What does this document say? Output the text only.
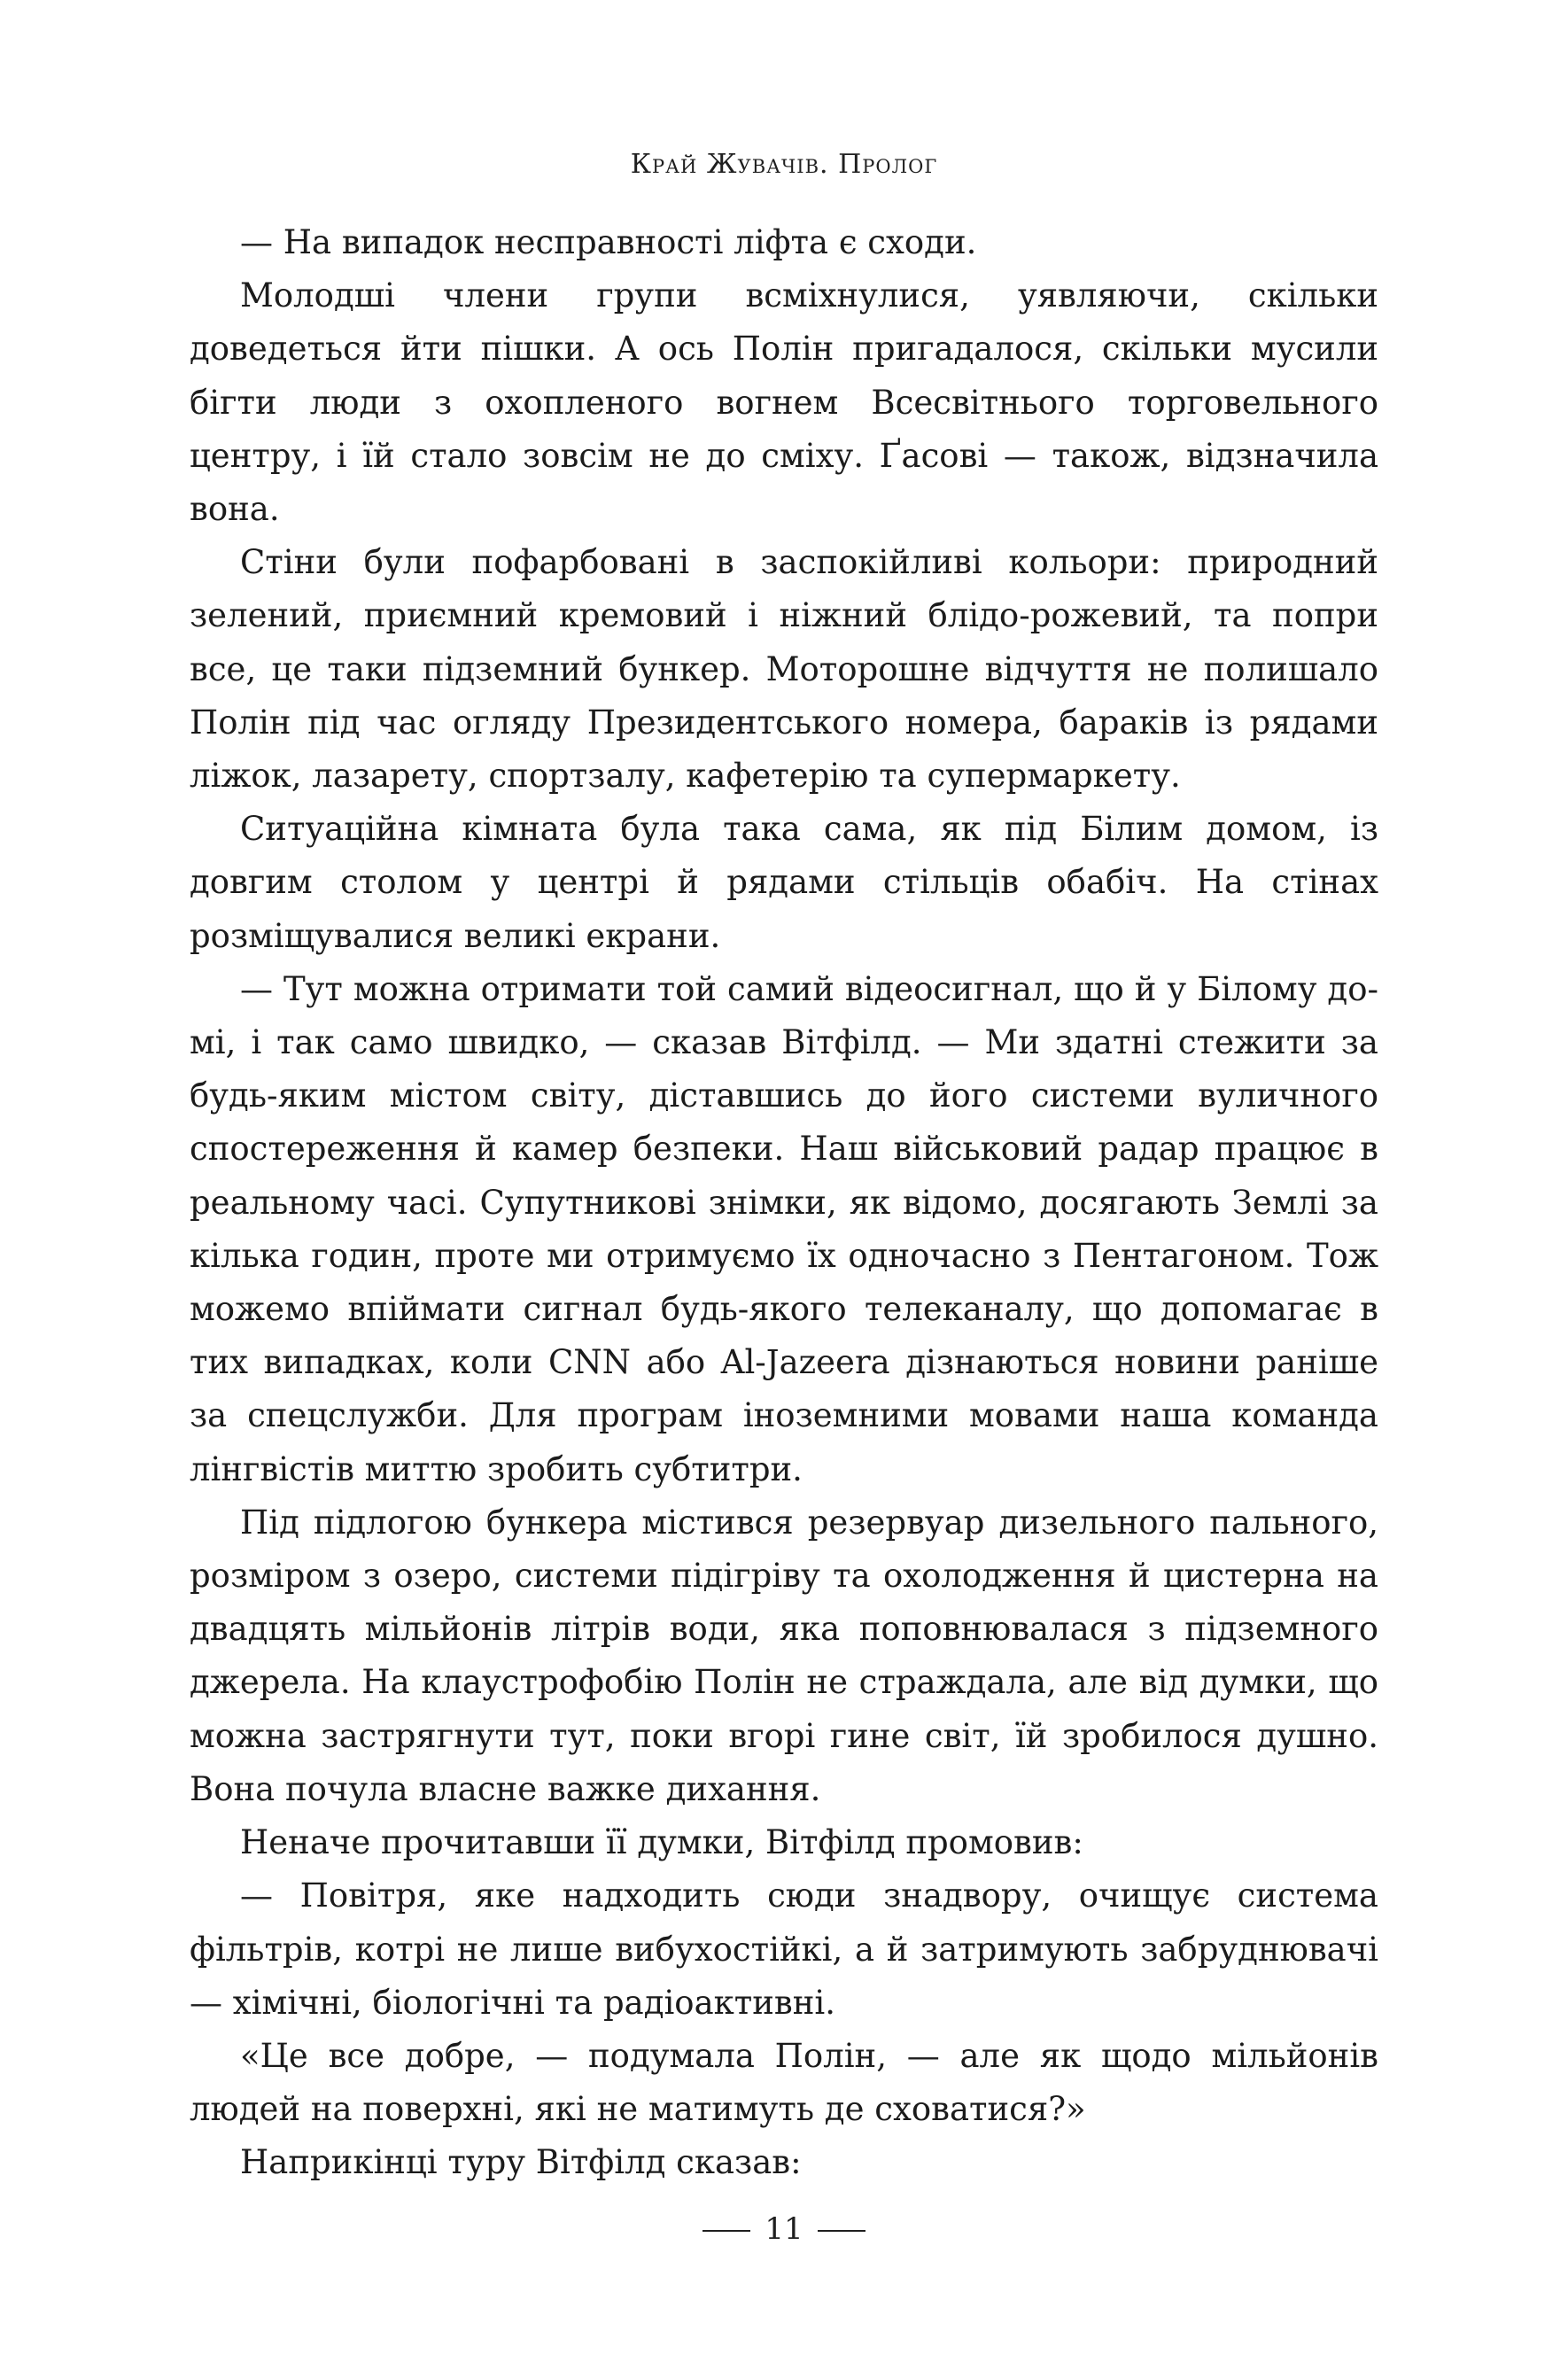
Край Жувачів. Пролог

— На випадок несправності ліфта є сходи.

Молодші члени групи всміхнулися, уявляючи, скільки доведеться йти пішки. А ось Полін пригадалося, скільки мусили бігти люди з охопленого вогнем Всесвітнього торговельного центру, і їй стало зовсім не до сміху. Ґасові — також, відзначила вона.

Стіни були пофарбовані в заспокійливі кольори: природний зелений, приємний кремовий і ніжний блідо-рожевий, та попри все, це таки підземний бункер. Моторошне відчуття не полишало Полін під час огляду Президентського номера, бараків із рядами ліжок, лазарету, спортзалу, кафетерію та супермаркету.

Ситуаційна кімната була така сама, як під Білим домом, із довгим столом у центрі й рядами стільців обабіч. На стінах розміщувалися великі екрани.

— Тут можна отримати той самий відеосигнал, що й у Білому домі, і так само швидко, — сказав Вітфілд. — Ми здатні стежити за будь-яким містом світу, діставшись до його системи вуличного спостереження й камер безпеки. Наш військовий радар працює в реальному часі. Супутникові знімки, як відомо, досягають Землі за кілька годин, проте ми отримуємо їх одночасно з Пентагоном. Тож можемо впіймати сигнал будь-якого телеканалу, що допомагає в тих випадках, коли CNN або Al-Jazeera дізнаються новини раніше за спецслужби. Для програм іноземними мовами наша команда лінгвістів миттю зробить субтитри.

Під підлогою бункера містився резервуар дизельного пального, розміром з озеро, системи підігріву та охолодження й цистерна на двадцять мільйонів літрів води, яка поповнювалася з підземного джерела. На клаустрофобію Полін не страждала, але від думки, що можна застрягнути тут, поки вгорі гине світ, їй зробилося душно. Вона почула власне важке дихання.

Неначе прочитавши її думки, Вітфілд промовив:

— Повітря, яке надходить сюди знадвору, очищує система фільтрів, котрі не лише вибухостійкі, а й затримують забруднювачі — хімічні, біологічні та радіоактивні.

«Це все добре, — подумала Полін, — але як щодо мільйонів людей на поверхні, які не матимуть де сховатися?»

Наприкінці туру Вітфілд сказав:

11
